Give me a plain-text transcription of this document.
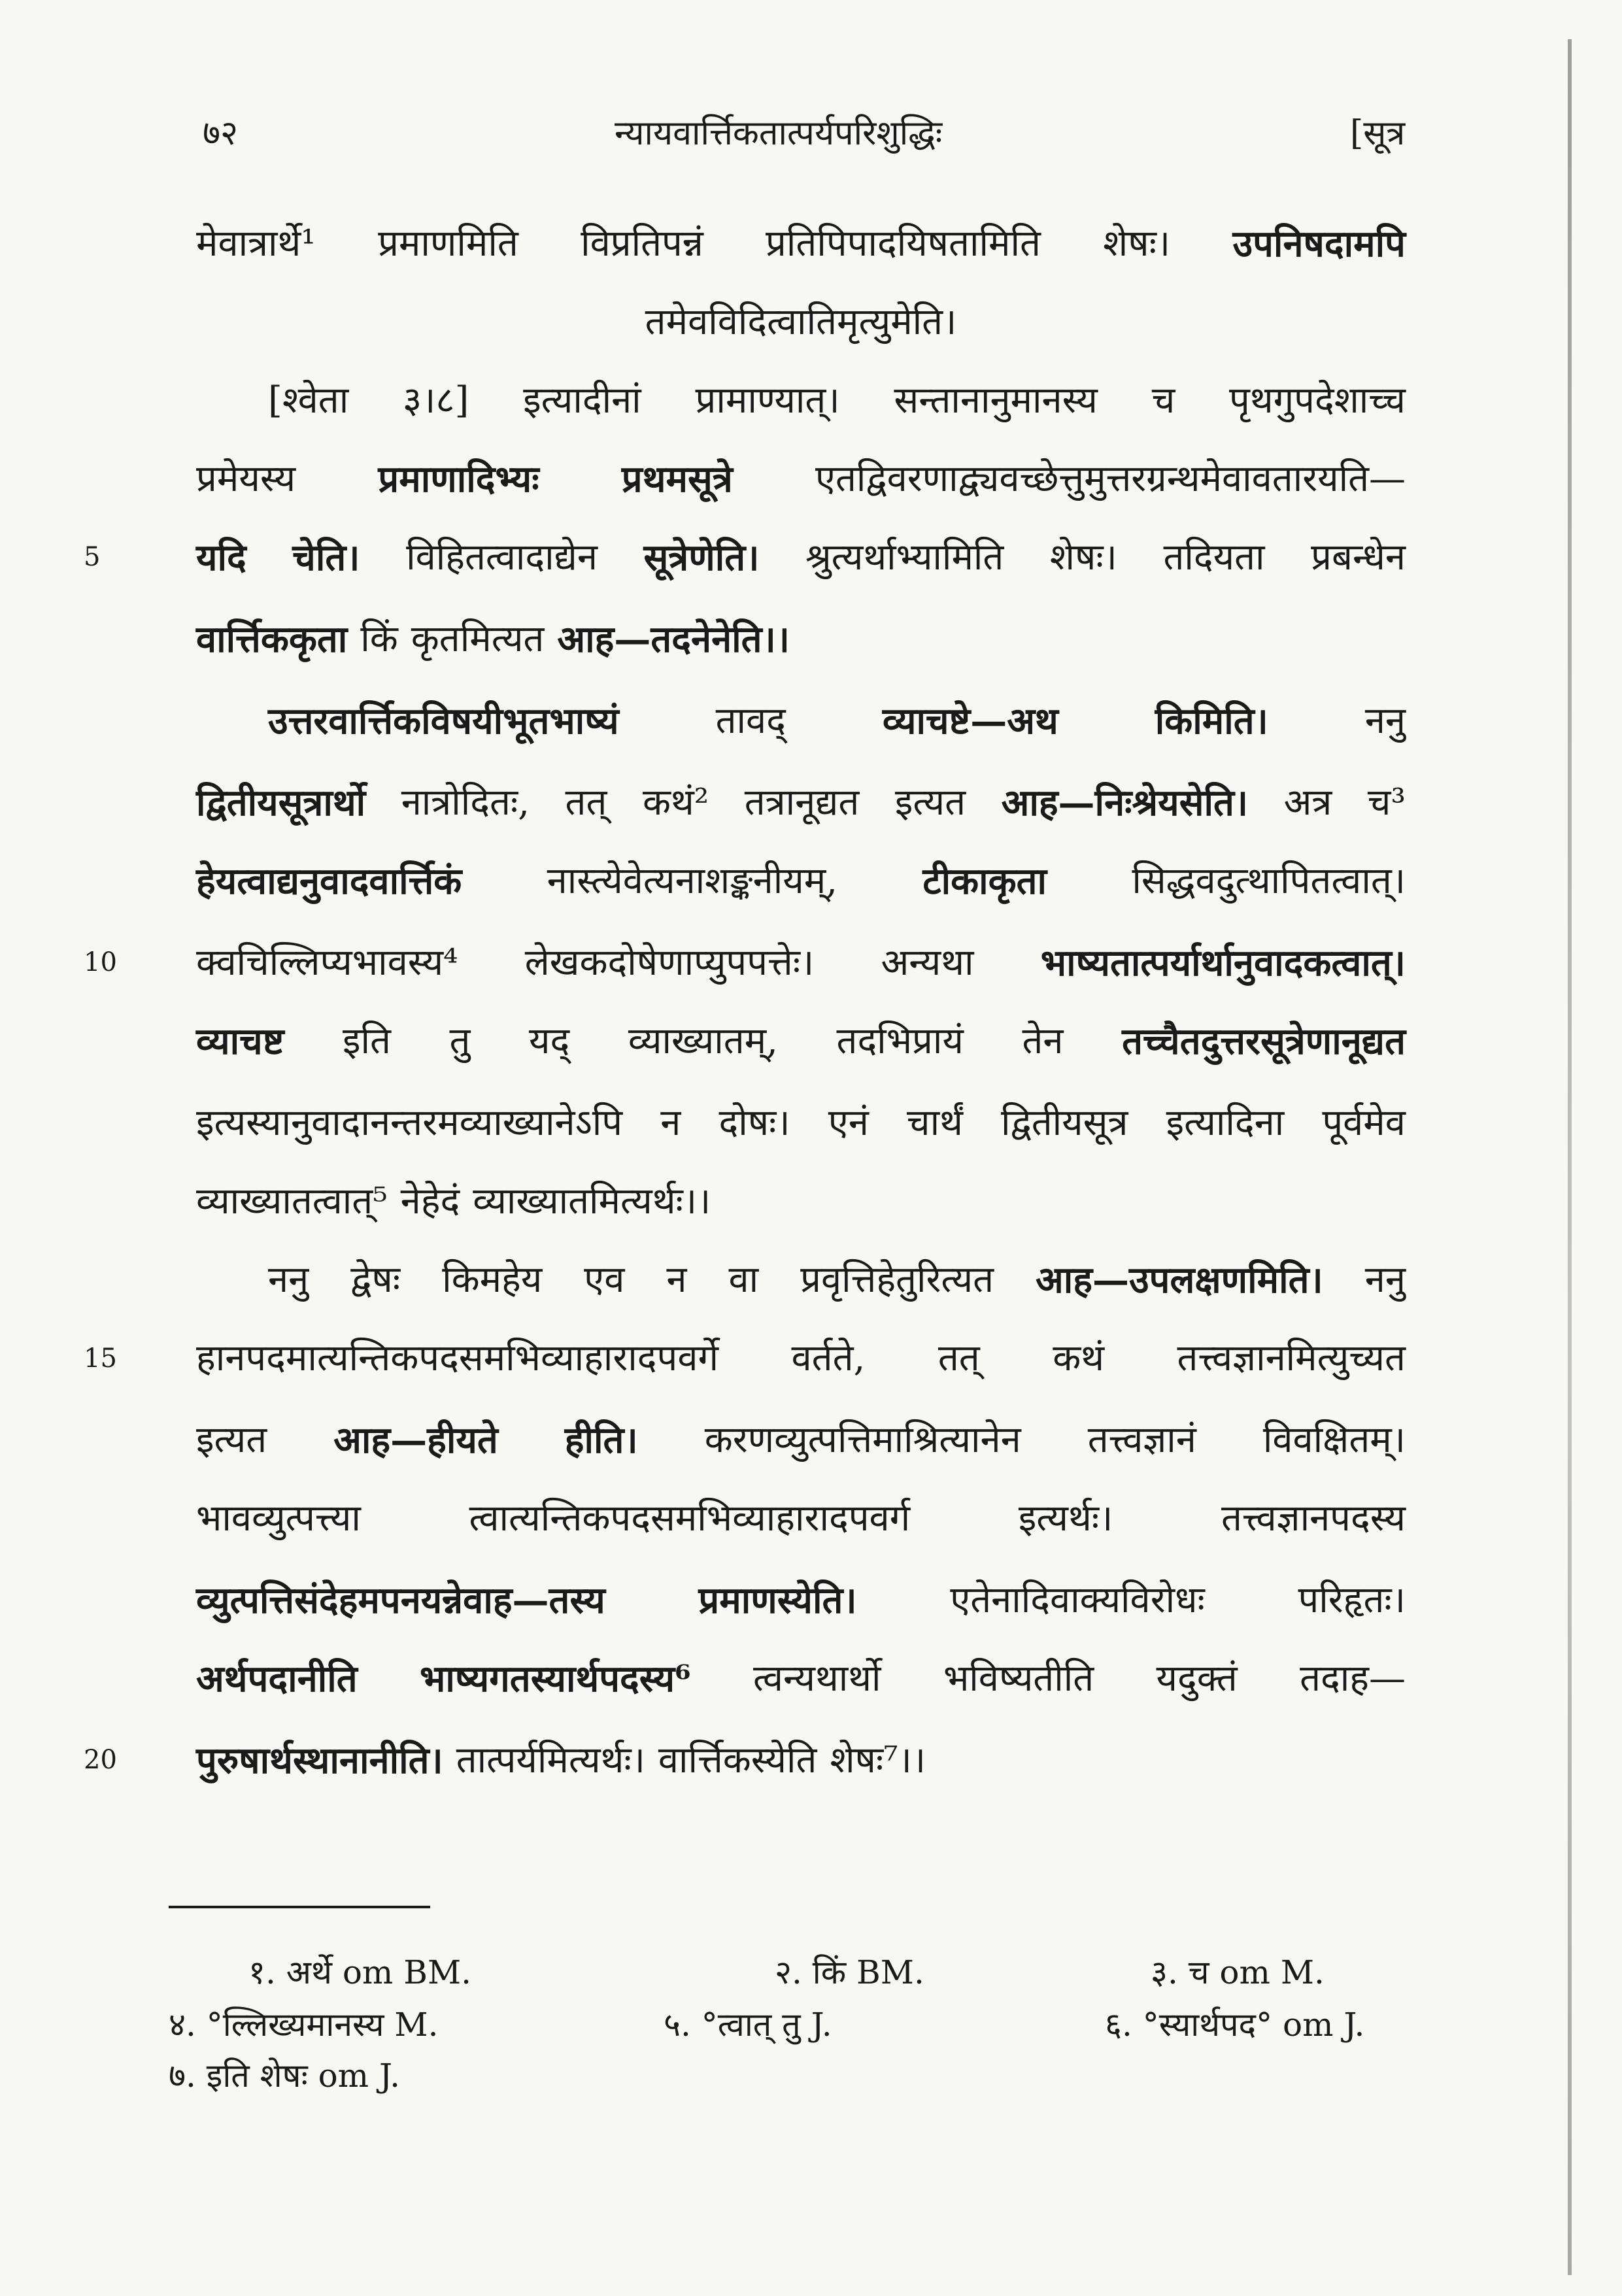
७२	न्यायवार्त्तिकतात्पर्यपरिशुद्धिः	[सूत्र
मेवात्रार्थे¹ प्रमाणमिति विप्रतिपन्नं प्रतिपिपादयिषतामिति शेषः। उपनिषदामपि
तमेव विदित्वातिमृत्युमेति।
[श्वेता ३।८] इत्यादीनां प्रामाण्यात्। सन्तानानुमानस्य च पृथगुपदेशाच्च
प्रमेयस्य प्रमाणादिभ्यः प्रथमसूत्रे एतद्विवरणाद्व्यवच्छेत्तुमुत्तरग्रन्थमेवावतारयति—
यदि चेति। विहितत्वादाद्येन सूत्रेणेति। श्रुत्यर्थाभ्यामिति शेषः। तदियता प्रबन्धेन
वार्त्तिककृता किं कृतमित्यत आह—तदनेनेति।।
उत्तरवार्त्तिकविषयीभूतभाष्यं	तावद्	व्याचष्टे—अथ	किमिति।	ननु
द्वितीयसूत्रार्थो नात्रोदितः, तत् कथं² तत्रानूद्यत इत्यत आह—निःश्रेयसेति। अत्र च³
हेयत्वाद्यनुवादवार्त्तिकं नास्त्येवेत्यनाशङ्कनीयम्, टीकाकृता सिद्धवदुत्थापितत्वात्।
क्वचिल्लिप्यभावस्य⁴ लेखकदोषेणाप्युपपत्तेः। अन्यथा भाष्यतात्पर्यार्थानुवादकत्वात्।
व्याचष्ट इति तु यद् व्याख्यातम्, तदभिप्रायं तेन तच्चैतदुत्तरसूत्रेणानूद्यत
इत्यस्यानुवादानन्तरमव्याख्यानेऽपि न दोषः। एनं चार्थं द्वितीयसूत्र इत्यादिना पूर्वमेव
व्याख्यातत्वात्⁵ नेहेदं व्याख्यातमित्यर्थः।।
ननु द्वेषः किमहेय एव न वा प्रवृत्तिहेतुरित्यत आह—उपलक्षणमिति। ननु
हानपदमात्यन्तिकपदसमभिव्याहारादपवर्गे वर्तते, तत् कथं तत्त्वज्ञानमित्युच्यत
इत्यत आह—हीयते हीति। करणव्युत्पत्तिमाश्रित्यानेन तत्त्वज्ञानं विवक्षितम्।
भावव्युत्पत्त्या	त्वात्यन्तिकपदसमभिव्याहारादपवर्ग	इत्यर्थः।	तत्त्वज्ञानपदस्य
व्युत्पत्तिसंदेहमपनयन्नेवाह—तस्य	प्रमाणस्येति।	एतेनादिवाक्यविरोधः	परिहृतः।
अर्थपदानीति भाष्यगतस्यार्थपदस्य⁶ त्वन्यथार्थो भविष्यतीति यदुक्तं तदाह—
पुरुषार्थस्थानानीति। तात्पर्यमित्यर्थः। वार्त्तिकस्येति शेषः⁷।।
5
10
15
20
१. अर्थे om BM.	२. किं BM.	३. च om M.
४. °ल्लिख्यमानस्य M.	५. °त्वात् तु J.	६. °स्यार्थपद° om J.
७. इति शेषः om J.
